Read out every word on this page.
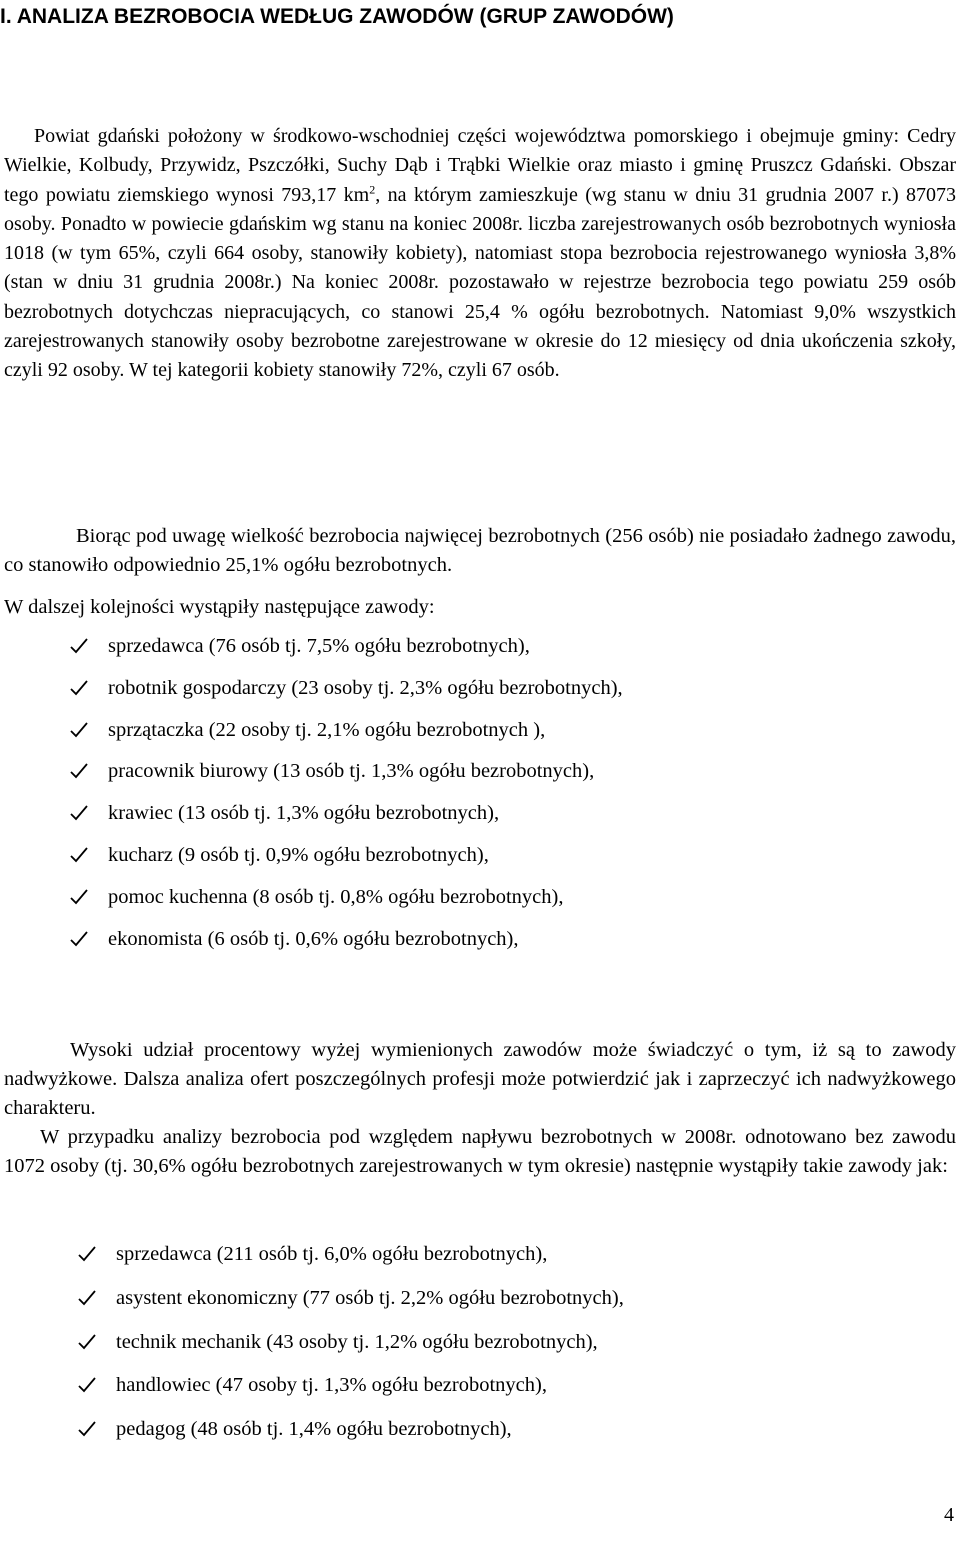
I. ANALIZA BEZROBOCIA WEDŁUG ZAWODÓW (GRUP ZAWODÓW)

Powiat gdański położony w środkowo-wschodniej części województwa pomorskiego i obejmuje gminy: Cedry Wielkie, Kolbudy, Przywidz, Pszczółki, Suchy Dąb i Trąbki Wielkie oraz miasto i gminę Pruszcz Gdański. Obszar tego powiatu ziemskiego wynosi 793,17 $km^2$, na którym zamieszkuje (wg stanu w dniu 31 grudnia 2007 r.) 87073 osoby. Ponadto w powiecie gdańskim wg stanu na koniec 2008r. liczba zarejestrowanych osób bezrobotnych wyniosła 1018 (w tym 65%, czyli 664 osoby, stanowiły kobiety), natomiast stopa bezrobocia rejestrowanego wyniosła 3,8% (stan w dniu 31 grudnia 2008r.) Na koniec 2008r. pozostawało w rejestrze bezrobocia tego powiatu 259 osób bezrobotnych dotychczas niepracujących, co stanowi 25,4 % ogółu bezrobotnych. Natomiast 9,0% wszystkich zarejestrowanych stanowiły osoby bezrobotne zarejestrowane w okresie do 12 miesięcy od dnia ukończenia szkoły, czyli 92 osoby. W tej kategorii kobiety stanowiły 72%, czyli 67 osób.

Biorąc pod uwagę wielkość bezrobocia najwięcej bezrobotnych (256 osób) nie posiadało żadnego zawodu, co stanowiło odpowiednio 25,1% ogółu bezrobotnych.

W dalszej kolejności wystąpiły następujące zawody:

sprzedawca (76 osób tj. 7,5% ogółu bezrobotnych),
robotnik gospodarczy (23 osoby tj. 2,3% ogółu bezrobotnych),
sprzątaczka (22 osoby tj. 2,1% ogółu bezrobotnych ),
pracownik biurowy (13 osób tj. 1,3% ogółu bezrobotnych),
krawiec (13 osób tj. 1,3% ogółu bezrobotnych),
kucharz (9 osób tj. 0,9% ogółu bezrobotnych),
pomoc kuchenna (8 osób tj. 0,8% ogółu bezrobotnych),
ekonomista (6 osób tj. 0,6% ogółu bezrobotnych),

Wysoki udział procentowy wyżej wymienionych zawodów może świadczyć o tym, iż są to zawody nadwyżkowe. Dalsza analiza ofert poszczególnych profesji może potwierdzić jak i zaprzeczyć ich nadwyżkowego charakteru.

W przypadku analizy bezrobocia pod względem napływu bezrobotnych w 2008r. odnotowano bez zawodu 1072 osoby (tj. 30,6% ogółu bezrobotnych zarejestrowanych w tym okresie) następnie wystąpiły takie zawody jak:

sprzedawca (211 osób tj. 6,0% ogółu bezrobotnych),
asystent ekonomiczny (77 osób tj. 2,2% ogółu bezrobotnych),
technik mechanik (43 osoby tj. 1,2% ogółu bezrobotnych),
handlowiec (47 osoby tj. 1,3% ogółu bezrobotnych),
pedagog (48 osób tj. 1,4% ogółu bezrobotnych),

4
